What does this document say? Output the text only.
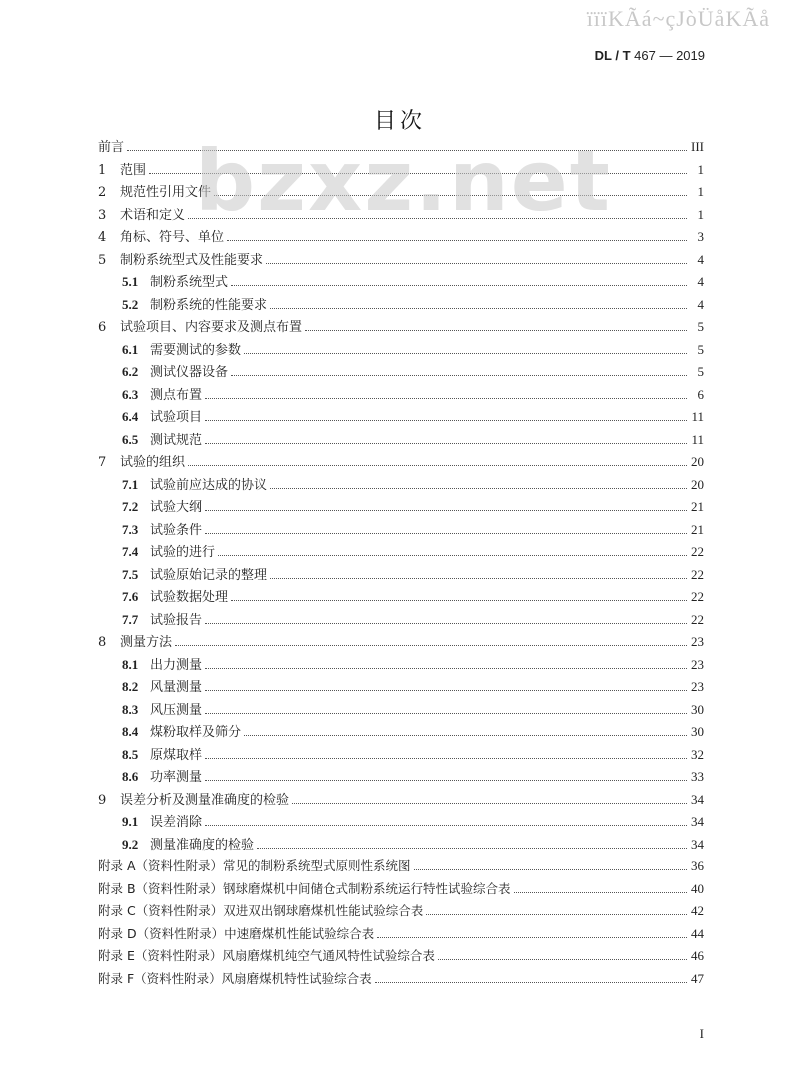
ïïïKÃá~çJòÜåKÃå
DL / T 467 — 2019
目次
前言	III
1	范围	1
2	规范性引用文件	1
3	术语和定义	1
4	角标、符号、单位	3
5	制粉系统型式及性能要求	4
5.1 制粉系统型式	4
5.2 制粉系统的性能要求	4
6	试验项目、内容要求及测点布置	5
6.1 需要测试的参数	5
6.2 测试仪器设备	5
6.3 测点布置	6
6.4 试验项目	11
6.5 测试规范	11
7	试验的组织	20
7.1 试验前应达成的协议	20
7.2 试验大纲	21
7.3 试验条件	21
7.4 试验的进行	22
7.5 试验原始记录的整理	22
7.6 试验数据处理	22
7.7 试验报告	22
8	测量方法	23
8.1 出力测量	23
8.2 风量测量	23
8.3 风压测量	30
8.4 煤粉取样及筛分	30
8.5 原煤取样	32
8.6 功率测量	33
9	误差分析及测量准确度的检验	34
9.1 误差消除	34
9.2 测量准确度的检验	34
附录 A（资料性附录）常见的制粉系统型式原则性系统图	36
附录 B（资料性附录）钢球磨煤机中间储仓式制粉系统运行特性试验综合表	40
附录 C（资料性附录）双进双出钢球磨煤机性能试验综合表	42
附录 D（资料性附录）中速磨煤机性能试验综合表	44
附录 E（资料性附录）风扇磨煤机纯空气通风特性试验综合表	46
附录 F（资料性附录）风扇磨煤机特性试验综合表	47
bzxz.net
I
